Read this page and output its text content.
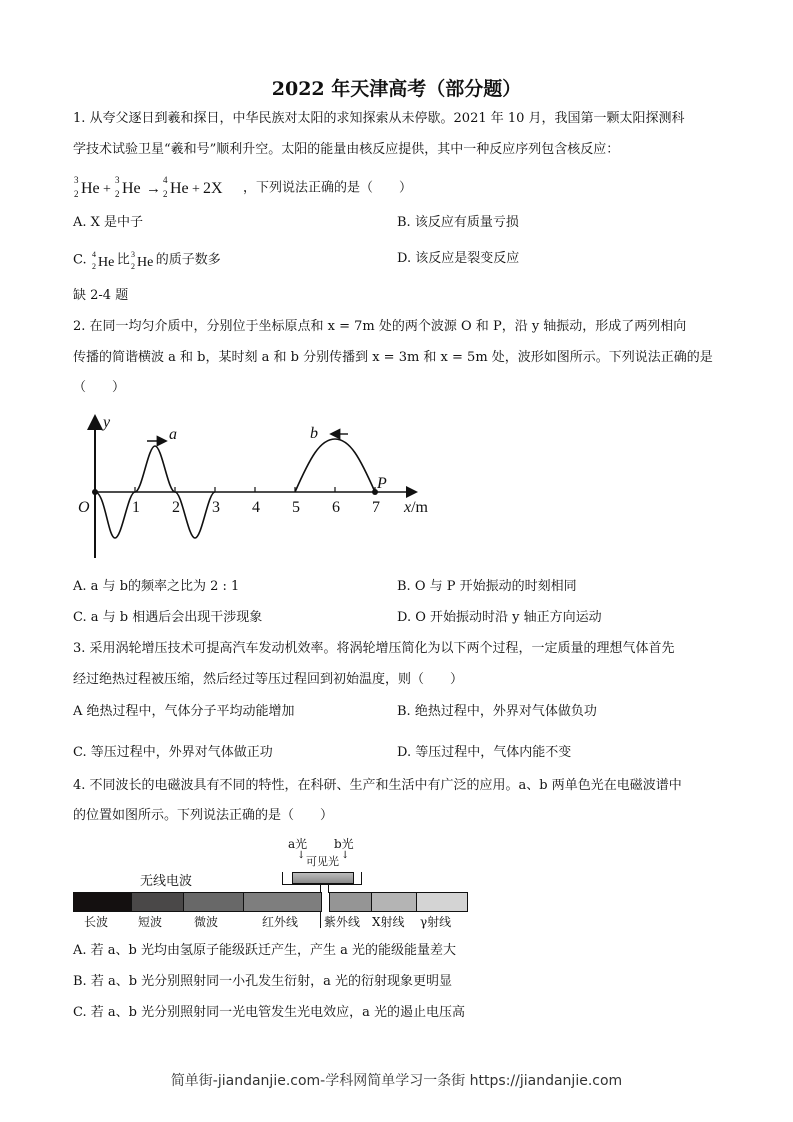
2022 年天津高考（部分题）
1. 从夸父逐日到羲和探日，中华民族对太阳的求知探索从未停歇。2021 年 10 月，我国第一颗太阳探测科
学技术试验卫星“羲和号”顺利升空。太阳的能量由核反应提供，其中一种反应序列包含核反应：
3
2 He +
3
2 He →
4
2 He + 2X ，下列说法正确的是（　　）
A. X 是中子	B. 该反应有质量亏损
C. 4
2 He 比 3
2 He 的质子数多	D. 该反应是裂变反应
缺 2-4 题
2. 在同一均匀介质中，分别位于坐标原点和 x = 7m 处的两个波源 O 和 P，沿 y 轴振动，形成了两列相向
传播的简谐横波 a 和 b，某时刻 a 和 b 分别传播到 x = 3m 和 x = 5m 处，波形如图所示。下列说法正确的是
（　　）
y
a	b
P
O	1 2 3 4 5 6 7 x/m
A. a 与 b的频率之比为 2 : 1	B. O 与 P 开始振动的时刻相同
C. a 与 b 相遇后会出现干涉现象	D. O 开始振动时沿 y 轴正方向运动
3. 采用涡轮增压技术可提高汽车发动机效率。将涡轮增压简化为以下两个过程，一定质量的理想气体首先
经过绝热过程被压缩，然后经过等压过程回到初始温度，则（　　）
A 绝热过程中，气体分子平均动能增加	B. 绝热过程中，外界对气体做负功
C. 等压过程中，外界对气体做正功	D. 等压过程中，气体内能不变
4. 不同波长的电磁波具有不同的特性，在科研、生产和生活中有广泛的应用。a、b 两单色光在电磁波谱中
的位置如图所示。下列说法正确的是（　　）
a光 b光
↓	↓
可见光
无线电波
长波 短波	微波	红外线 紫外线 X射线 γ射线
A. 若 a、b 光均由氢原子能级跃迁产生，产生 a 光的能级能量差大
B. 若 a、b 光分别照射同一小孔发生衍射，a 光的衍射现象更明显
C. 若 a、b 光分别照射同一光电管发生光电效应，a 光的遏止电压高
简单街-jiandanjie.com-学科网简单学习一条街 https://jiandanjie.com
